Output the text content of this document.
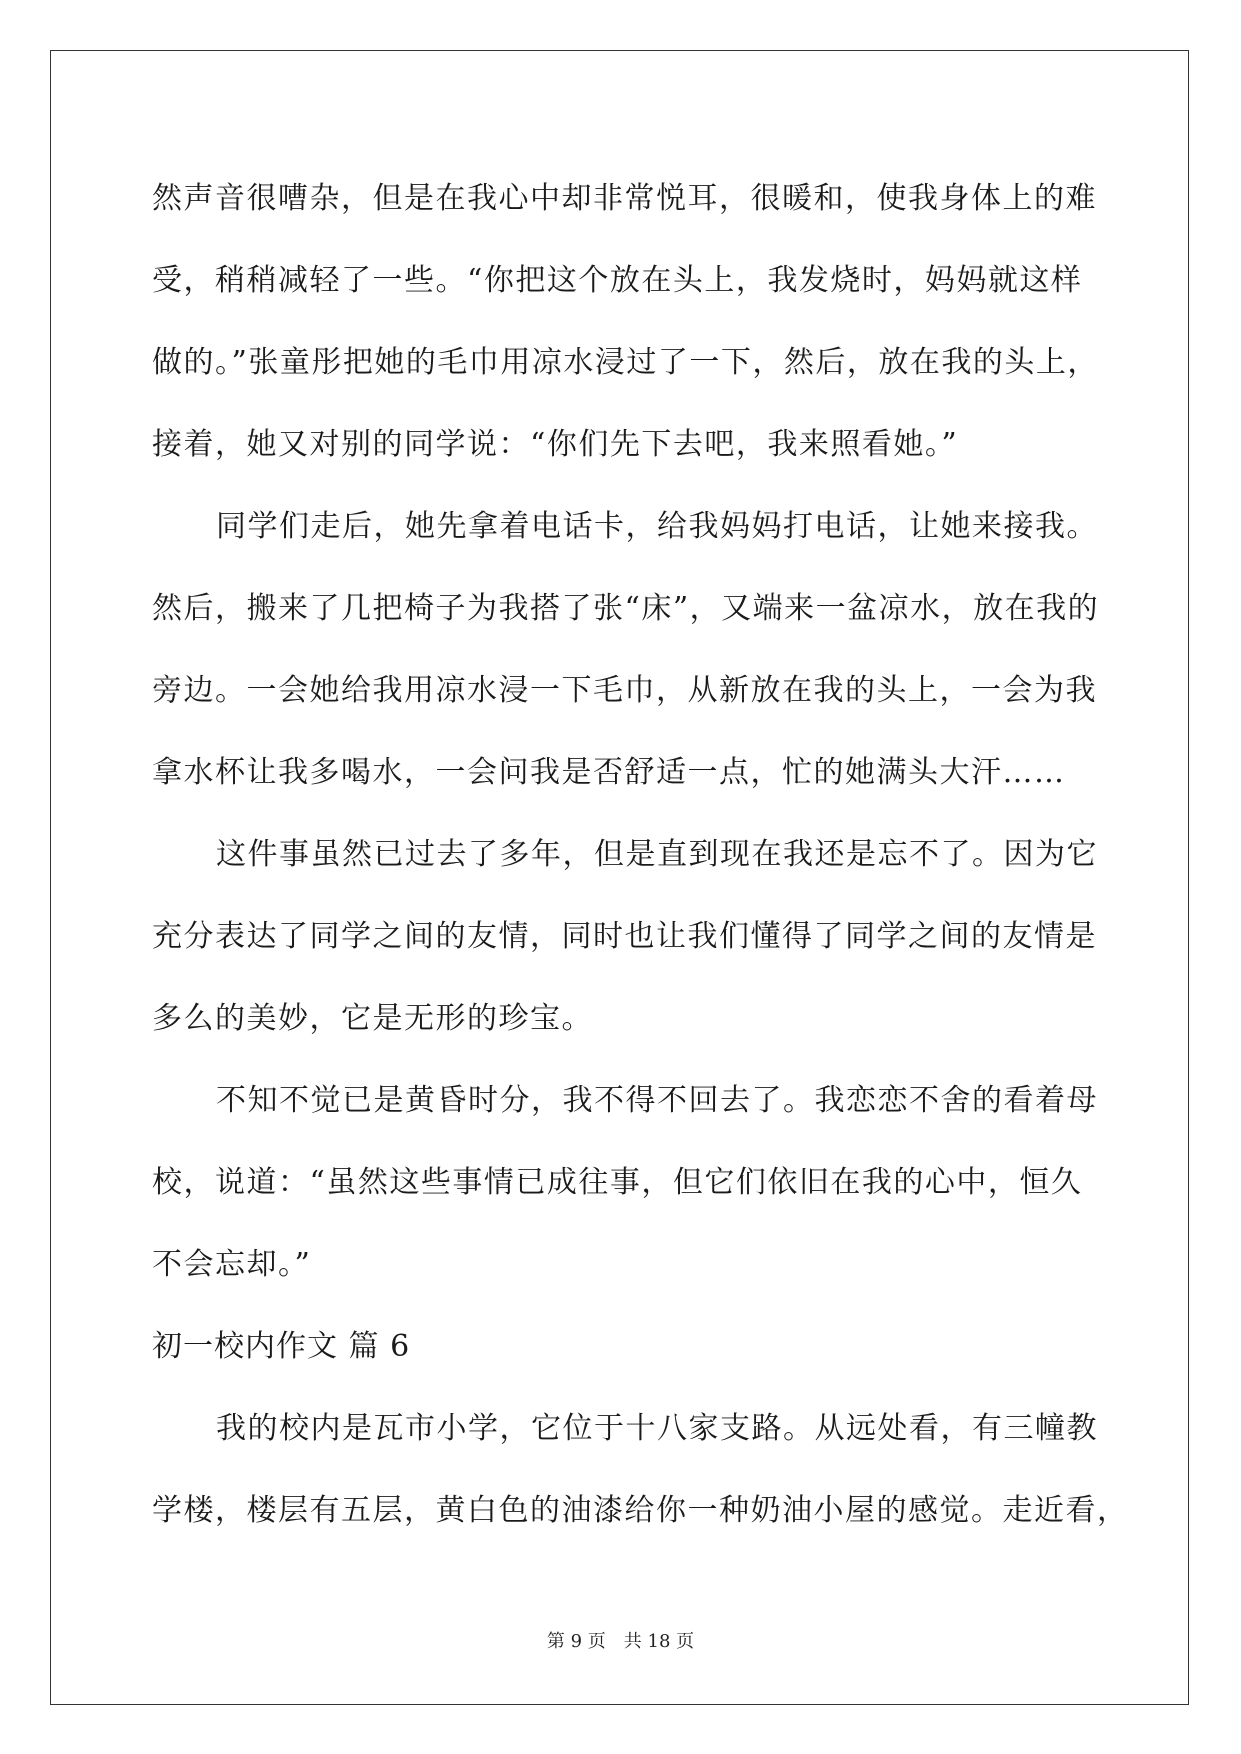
然声音很嘈杂，但是在我心中却非常悦耳，很暖和，使我身体上的难
受，稍稍减轻了一些。“你把这个放在头上，我发烧时，妈妈就这样
做的。”张童彤把她的毛巾用凉水浸过了一下，然后，放在我的头上，
接着，她又对别的同学说：“你们先下去吧，我来照看她。”
同学们走后，她先拿着电话卡，给我妈妈打电话，让她来接我。
然后，搬来了几把椅子为我搭了张“床”，又端来一盆凉水，放在我的
旁边。一会她给我用凉水浸一下毛巾，从新放在我的头上，一会为我
拿水杯让我多喝水，一会问我是否舒适一点，忙的她满头大汗……
这件事虽然已过去了多年，但是直到现在我还是忘不了。因为它
充分表达了同学之间的友情，同时也让我们懂得了同学之间的友情是
多么的美妙，它是无形的珍宝。
不知不觉已是黄昏时分，我不得不回去了。我恋恋不舍的看着母
校，说道：“虽然这些事情已成往事，但它们依旧在我的心中，恒久
不会忘却。”
初一校内作文 篇 6
我的校内是瓦市小学，它位于十八家支路。从远处看，有三幢教
学楼，楼层有五层，黄白色的油漆给你一种奶油小屋的感觉。走近看，
第 9 页 共 18 页
